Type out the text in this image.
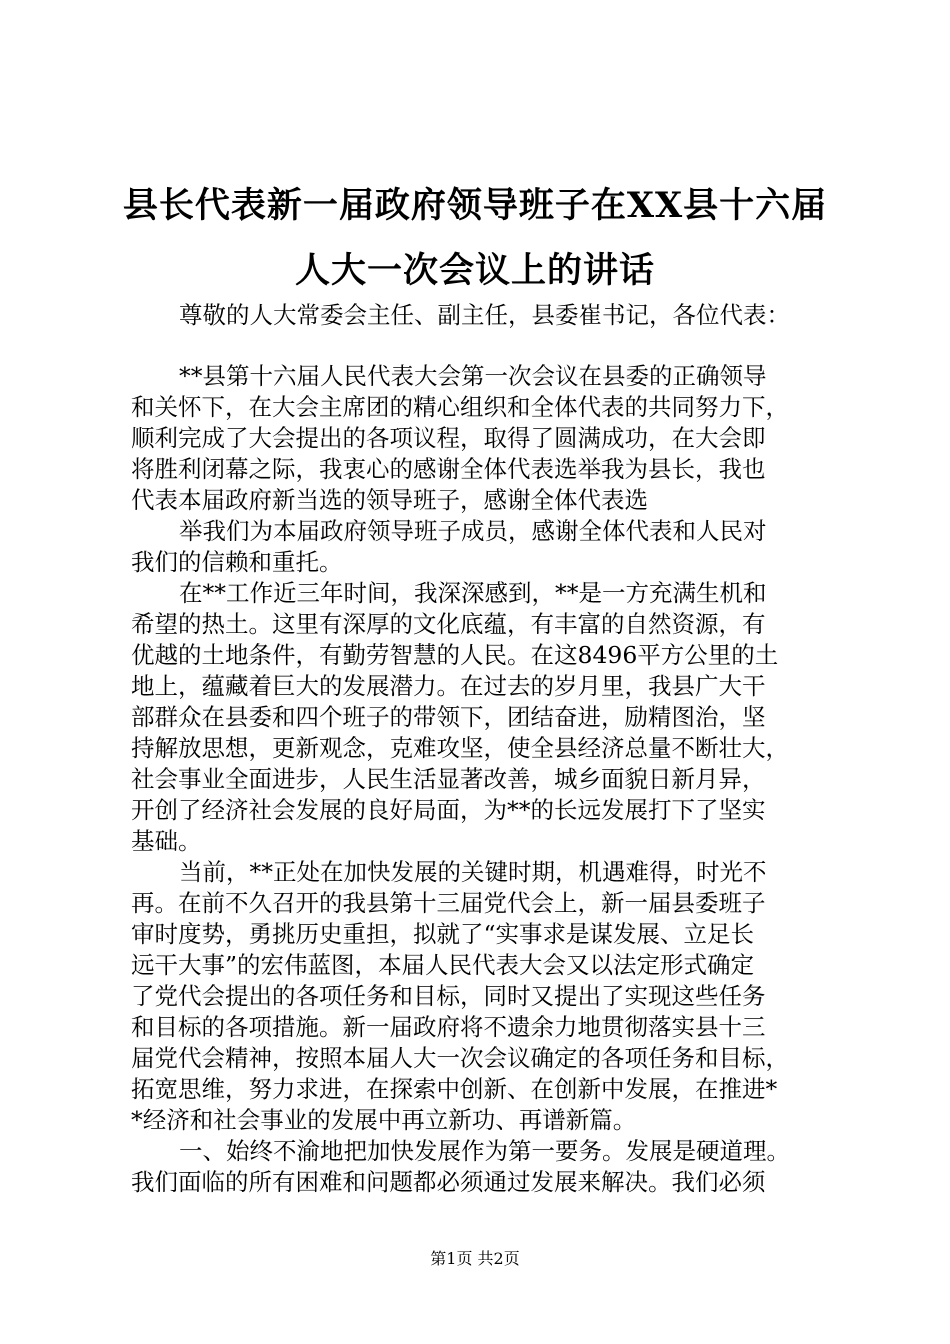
县长代表新一届政府领导班子在XX县十六届
人大一次会议上的讲话
尊敬的人大常委会主任、副主任，县委崔书记，各位代表：
**县第十六届人民代表大会第一次会议在县委的正确领导
和关怀下，在大会主席团的精心组织和全体代表的共同努力下，
顺利完成了大会提出的各项议程，取得了圆满成功，在大会即
将胜利闭幕之际，我衷心的感谢全体代表选举我为县长，我也
代表本届政府新当选的领导班子，感谢全体代表选
举我们为本届政府领导班子成员，感谢全体代表和人民对
我们的信赖和重托。
在**工作近三年时间，我深深感到，**是一方充满生机和
希望的热土。这里有深厚的文化底蕴，有丰富的自然资源，有
优越的土地条件，有勤劳智慧的人民。在这8496平方公里的土
地上，蕴藏着巨大的发展潜力。在过去的岁月里，我县广大干
部群众在县委和四个班子的带领下，团结奋进，励精图治，坚
持解放思想，更新观念，克难攻坚，使全县经济总量不断壮大，
社会事业全面进步，人民生活显著改善，城乡面貌日新月异，
开创了经济社会发展的良好局面，为**的长远发展打下了坚实
基础。
当前，**正处在加快发展的关键时期，机遇难得，时光不
再。在前不久召开的我县第十三届党代会上，新一届县委班子
审时度势，勇挑历史重担，拟就了“实事求是谋发展、立足长
远干大事”的宏伟蓝图，本届人民代表大会又以法定形式确定
了党代会提出的各项任务和目标，同时又提出了实现这些任务
和目标的各项措施。新一届政府将不遗余力地贯彻落实县十三
届党代会精神，按照本届人大一次会议确定的各项任务和目标，
拓宽思维，努力求进，在探索中创新、在创新中发展，在推进*
*经济和社会事业的发展中再立新功、再谱新篇。
一、始终不渝地把加快发展作为第一要务。发展是硬道理。
我们面临的所有困难和问题都必须通过发展来解决。我们必须
第1页 共2页
